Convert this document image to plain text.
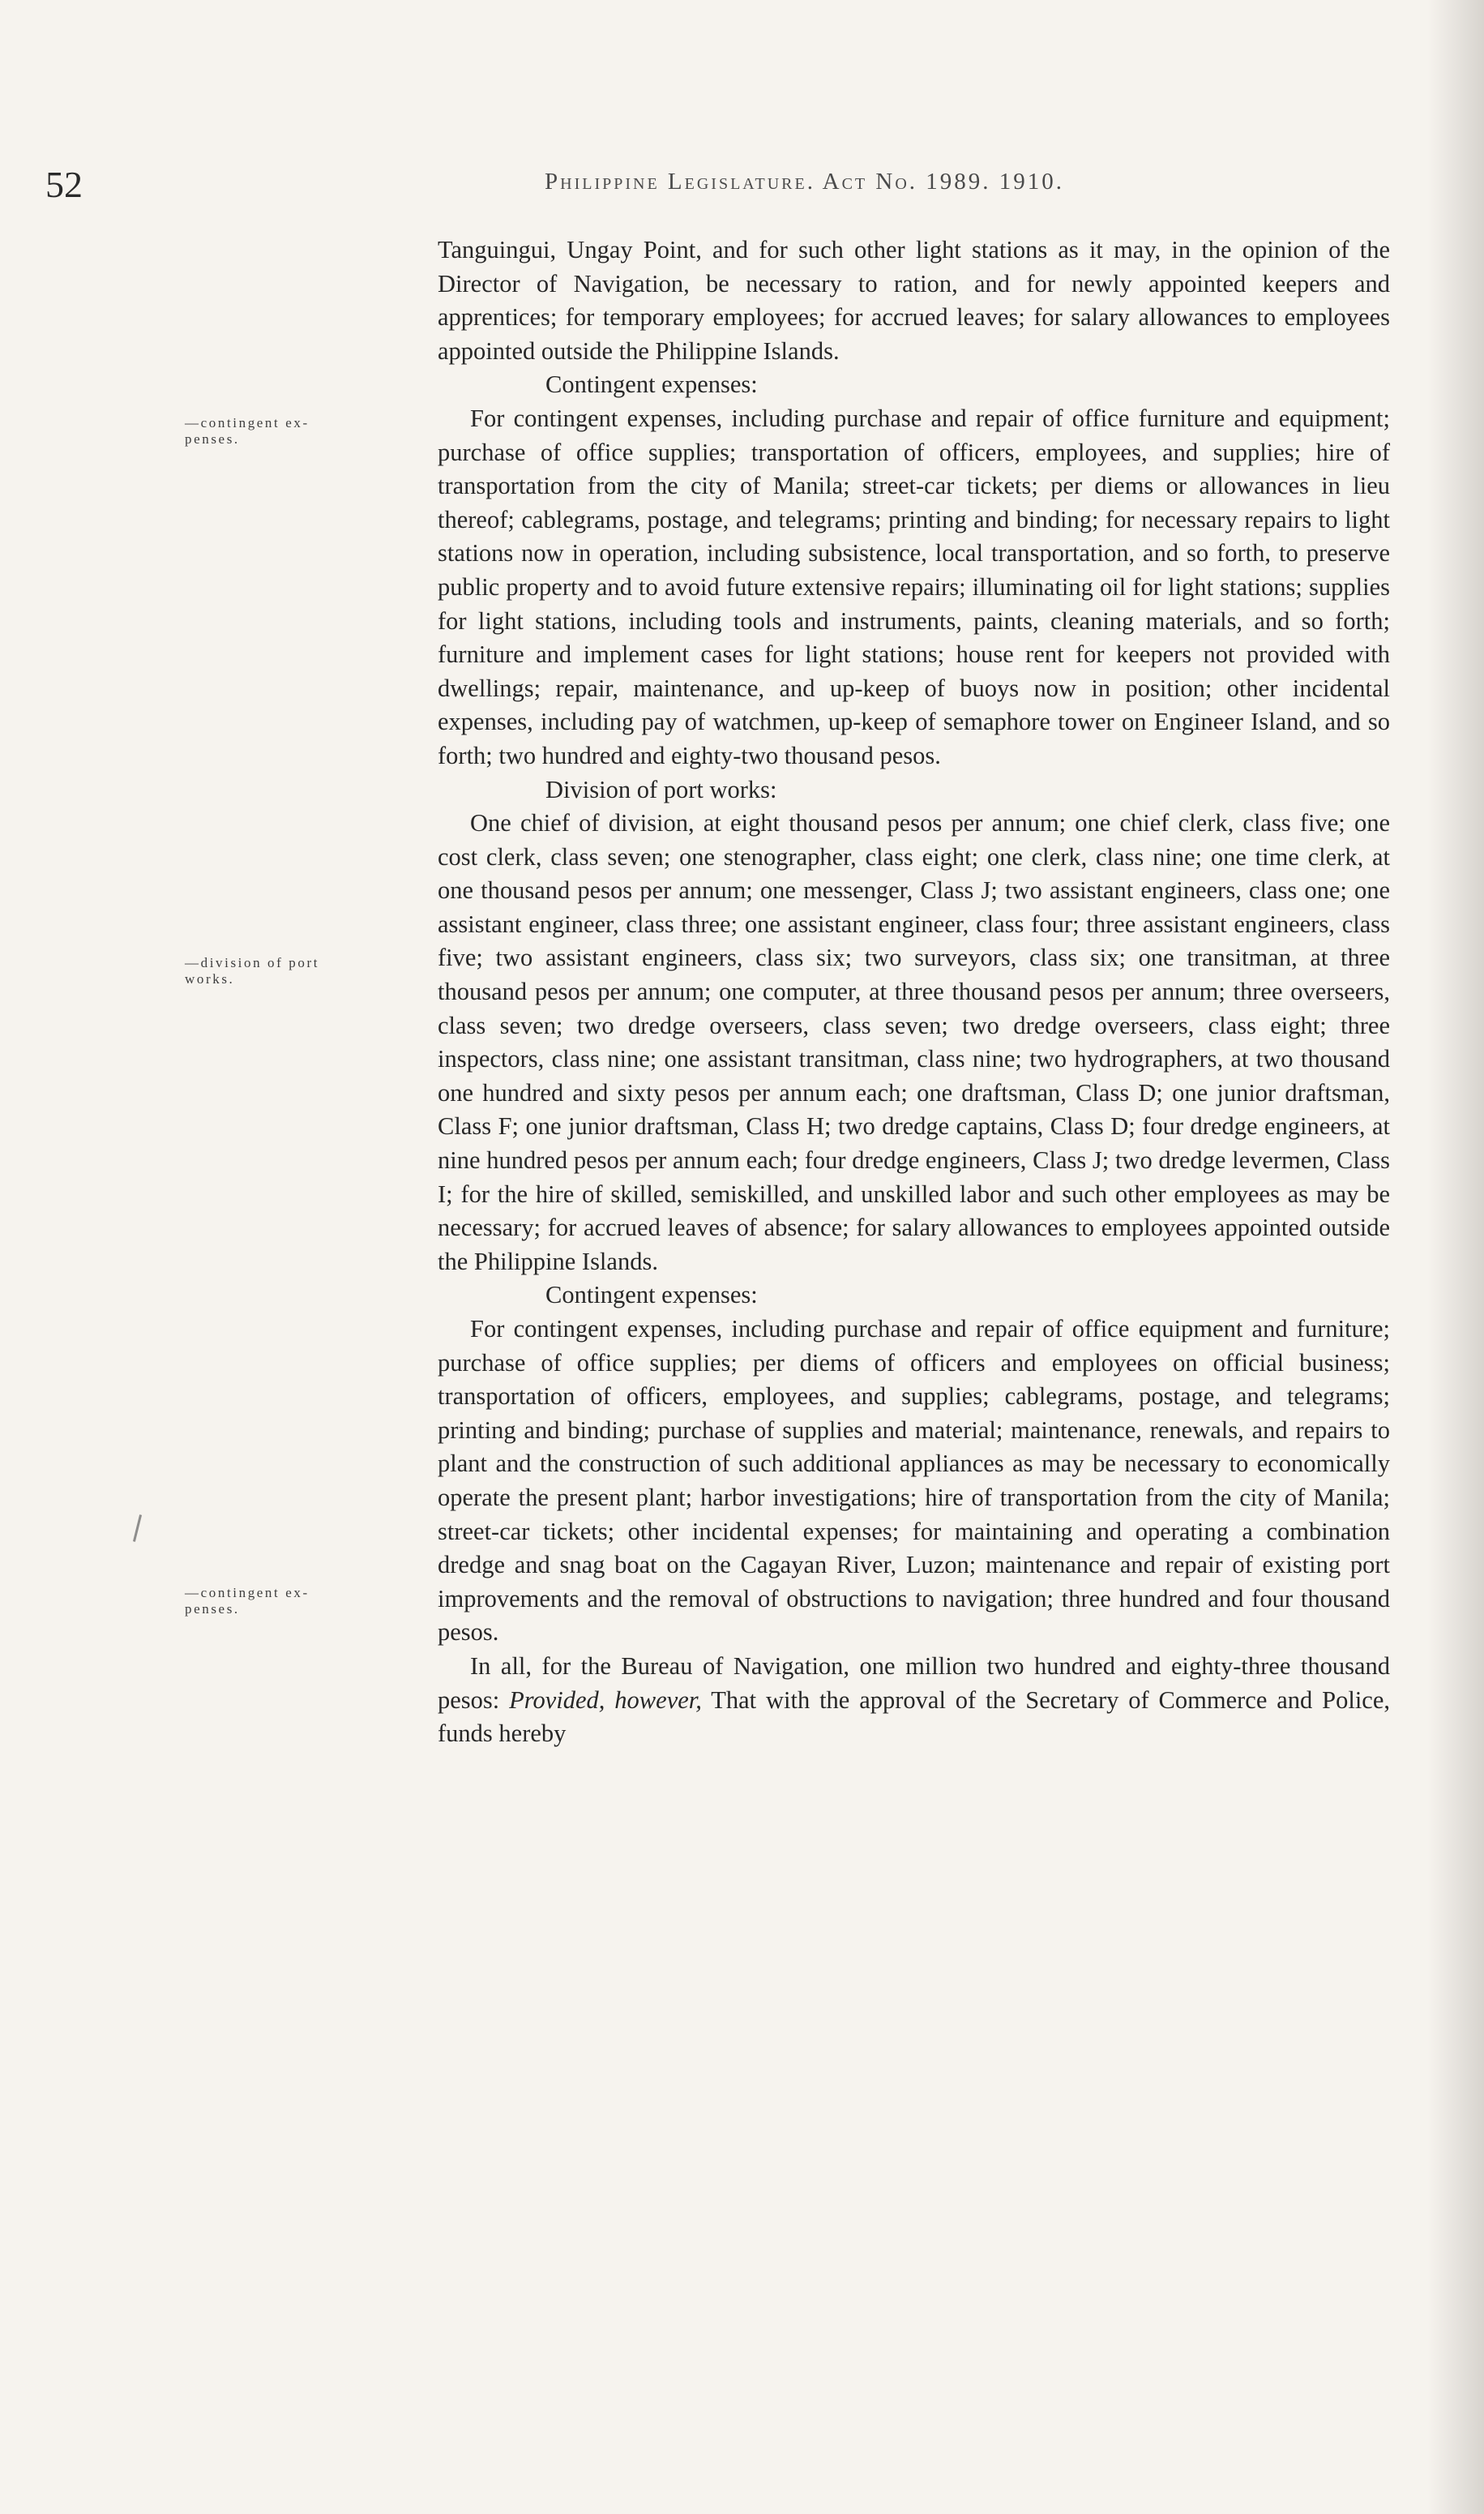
52	Philippine Legislature. Act No. 1989. 1910.
—contingent ex-
penses.
—division of port
works.
—contingent ex-
penses.

Tanguingui, Ungay Point, and for such other light stations as it may, in the opinion of the Director of Navigation, be necessary to ration, and for newly appointed keepers and apprentices; for temporary employees; for accrued leaves; for salary allowances to employees appointed outside the Philippine Islands.

Contingent expenses:

For contingent expenses, including purchase and repair of office furniture and equipment; purchase of office supplies; transportation of officers, employees, and supplies; hire of transportation from the city of Manila; street-car tickets; per diems or allowances in lieu thereof; cablegrams, postage, and telegrams; printing and binding; for necessary repairs to light stations now in operation, including subsistence, local transportation, and so forth, to preserve public property and to avoid future extensive repairs; illuminating oil for light stations; supplies for light stations, including tools and instruments, paints, cleaning materials, and so forth; furniture and implement cases for light stations; house rent for keepers not provided with dwellings; repair, maintenance, and up-keep of buoys now in position; other incidental expenses, including pay of watchmen, up-keep of semaphore tower on Engineer Island, and so forth; two hundred and eighty-two thousand pesos.

Division of port works:

One chief of division, at eight thousand pesos per annum; one chief clerk, class five; one cost clerk, class seven; one stenographer, class eight; one clerk, class nine; one time clerk, at one thousand pesos per annum; one messenger, Class J; two assistant engineers, class one; one assistant engineer, class three; one assistant engineer, class four; three assistant engineers, class five; two assistant engineers, class six; two surveyors, class six; one transitman, at three thousand pesos per annum; one computer, at three thousand pesos per annum; three overseers, class seven; two dredge overseers, class seven; two dredge overseers, class eight; three inspectors, class nine; one assistant transitman, class nine; two hydrographers, at two thousand one hundred and sixty pesos per annum each; one draftsman, Class D; one junior draftsman, Class F; one junior draftsman, Class H; two dredge captains, Class D; four dredge engineers, at nine hundred pesos per annum each; four dredge engineers, Class J; two dredge levermen, Class I; for the hire of skilled, semiskilled, and unskilled labor and such other employees as may be necessary; for accrued leaves of absence; for salary allowances to employees appointed outside the Philippine Islands.

Contingent expenses:

For contingent expenses, including purchase and repair of office equipment and furniture; purchase of office supplies; per diems of officers and employees on official business; transportation of officers, employees, and supplies; cablegrams, postage, and telegrams; printing and binding; purchase of supplies and material; maintenance, renewals, and repairs to plant and the construction of such additional appliances as may be necessary to economically operate the present plant; harbor investigations; hire of transportation from the city of Manila; street-car tickets; other incidental expenses; for maintaining and operating a combination dredge and snag boat on the Cagayan River, Luzon; maintenance and repair of existing port improvements and the removal of obstructions to navigation; three hundred and four thousand pesos.

In all, for the Bureau of Navigation, one million two hundred and eighty-three thousand pesos: Provided, however, That with the approval of the Secretary of Commerce and Police, funds hereby
